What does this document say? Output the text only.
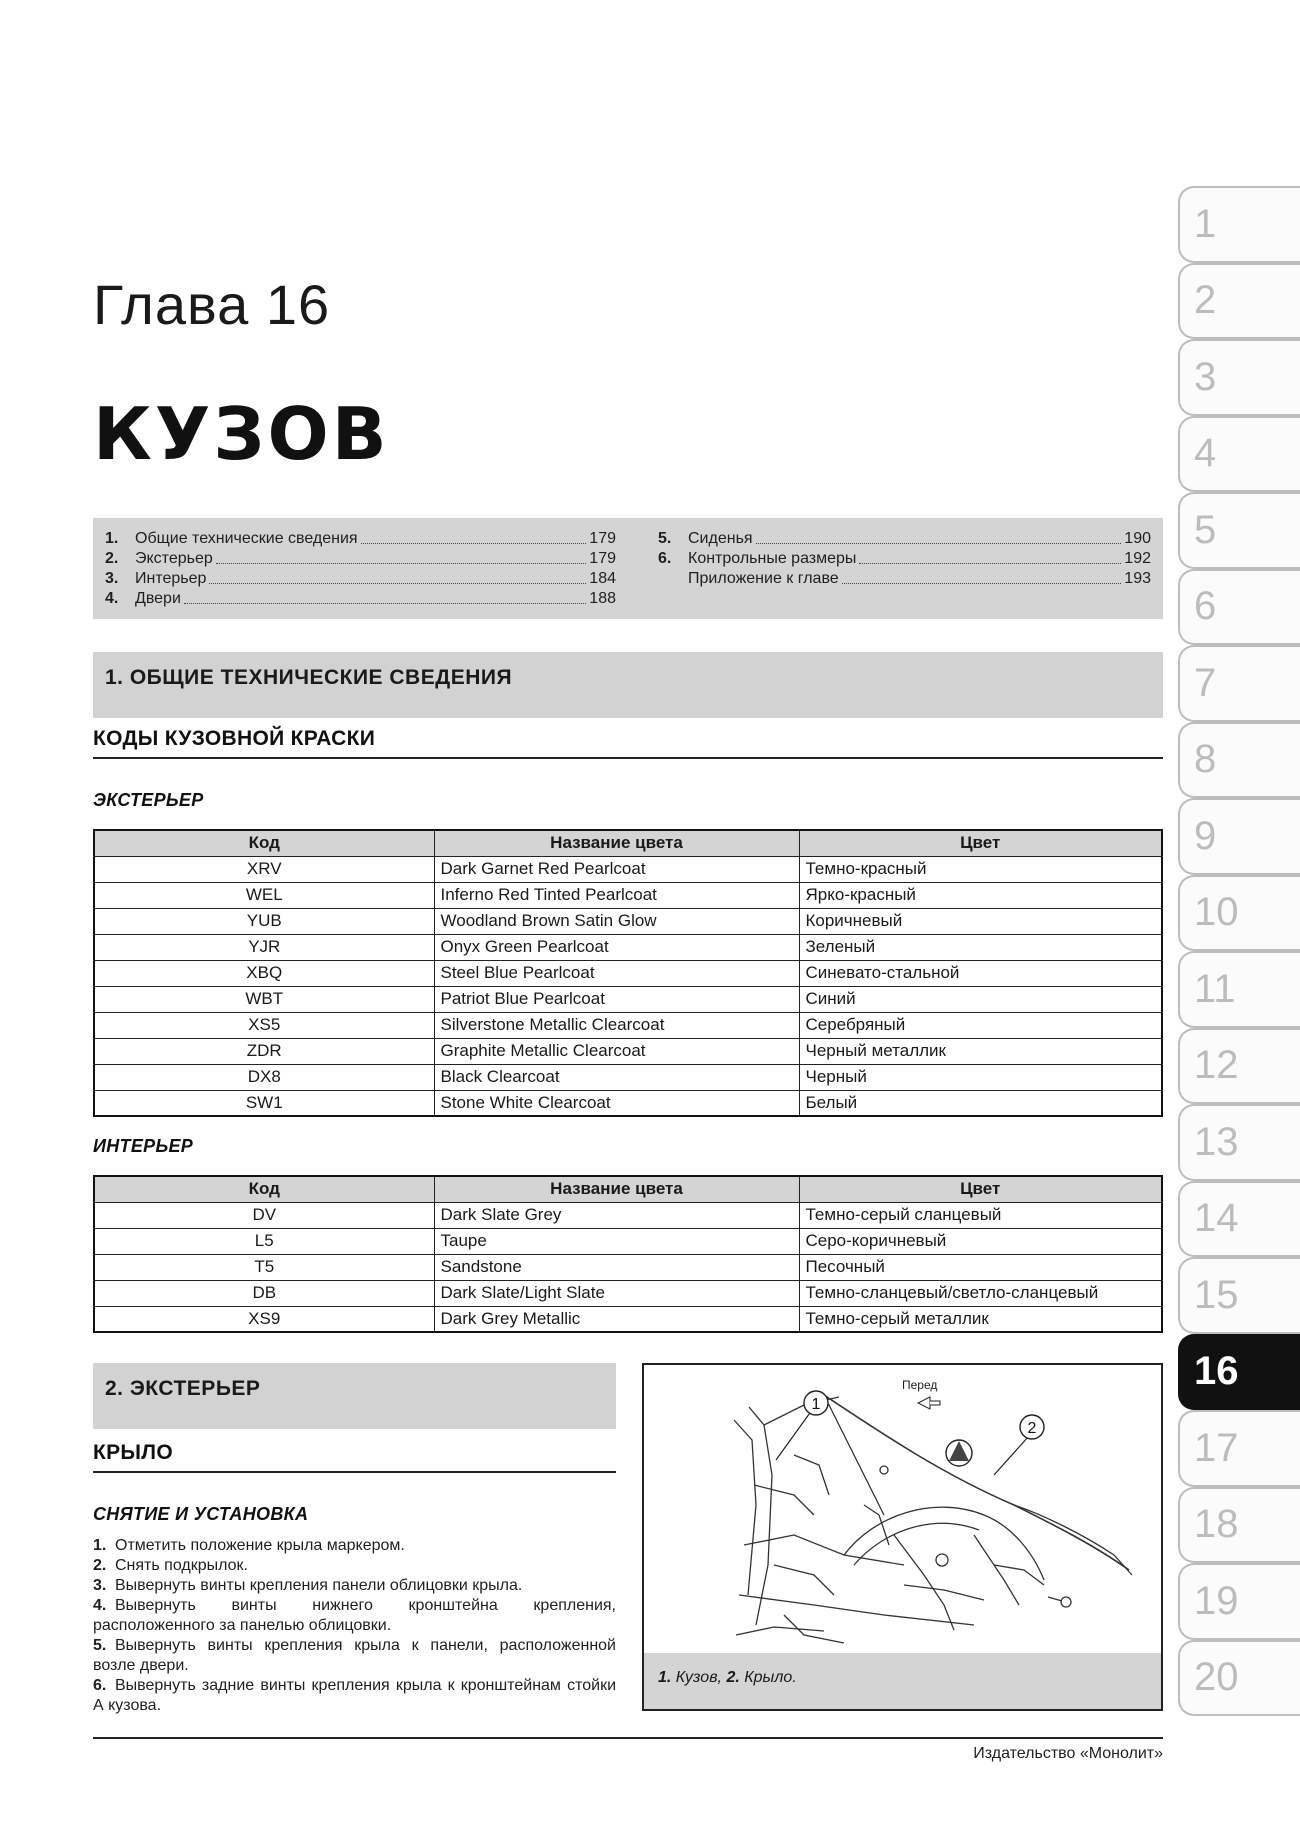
Глава 16
КУЗОВ
1.	Общие технические сведения	179
2.	Экстерьер	179
3.	Интерьер	184
4.	Двери	188
5.	Сиденья	190
6.	Контрольные размеры	192
Приложение к главе	193
1. ОБЩИЕ ТЕХНИЧЕСКИЕ СВЕДЕНИЯ
КОДЫ КУЗОВНОЙ КРАСКИ
ЭКСТЕРЬЕР
Код	Название цвета	Цвет
XRV	Dark Garnet Red Pearlcoat	Темно-красный
WEL	Inferno Red Tinted Pearlcoat	Ярко-красный
YUB	Woodland Brown Satin Glow	Коричневый
YJR	Onyx Green Pearlcoat	Зеленый
XBQ	Steel Blue Pearlcoat	Синевато-стальной
WBT	Patriot Blue Pearlcoat	Синий
XS5	Silverstone Metallic Clearcoat	Серебряный
ZDR	Graphite Metallic Clearcoat	Черный металлик
DX8	Black Clearcoat	Черный
SW1	Stone White Clearcoat	Белый
ИНТЕРЬЕР
Код	Название цвета	Цвет
DV	Dark Slate Grey	Темно-серый сланцевый
L5	Taupe	Серо-коричневый
T5	Sandstone	Песочный
DB	Dark Slate/Light Slate	Темно-сланцевый/светло-сланцевый
XS9	Dark Grey Metallic	Темно-серый металлик
2. ЭКСТЕРЬЕР
КРЫЛО
СНЯТИЕ И УСТАНОВКА
1. Отметить положение крыла маркером.
2. Снять подкрылок.
3. Вывернуть винты крепления панели облицовки крыла.
4. Вывернуть винты нижнего кронштейна крепления, расположенного за панелью облицовки.
5. Вывернуть винты крепления крыла к панели, расположенной возле двери.
6. Вывернуть задние винты крепления крыла к кронштейнам стойки А кузова.
1
2
Перед
1. Кузов, 2. Крыло.
Издательство «Монолит»
1
2
3
4
5
6
7
8
9
10
11
12
13
14
15
16
17
18
19
20
